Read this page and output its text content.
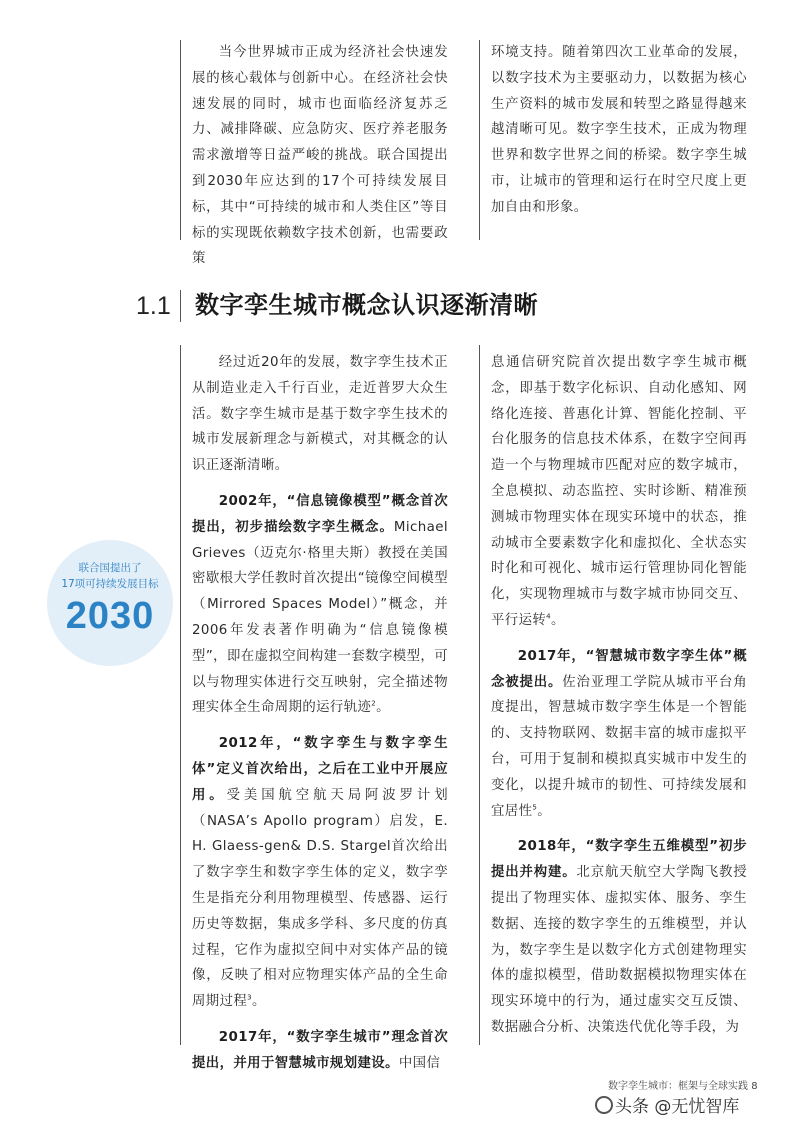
当今世界城市正成为经济社会快速发展的核心载体与创新中心。在经济社会快速发展的同时，城市也面临经济复苏乏力、减排降碳、应急防灾、医疗养老服务需求激增等日益严峻的挑战。联合国提出到2030年应达到的17个可持续发展目标，其中“可持续的城市和人类住区”等目标的实现既依赖数字技术创新，也需要政策

环境支持。随着第四次工业革命的发展，以数字技术为主要驱动力，以数据为核心生产资料的城市发展和转型之路显得越来越清晰可见。数字孪生技术，正成为物理世界和数字世界之间的桥梁。数字孪生城市，让城市的管理和运行在时空尺度上更加自由和形象。

1.1 数字孪生城市概念认识逐渐清晰
联合国提出了
17项可持续发展目标
2030

经过近20年的发展，数字孪生技术正从制造业走入千行百业，走近普罗大众生活。数字孪生城市是基于数字孪生技术的城市发展新理念与新模式，对其概念的认识正逐渐清晰。

2002年，“信息镜像模型”概念首次提出，初步描绘数字孪生概念。Michael Grieves（迈克尔·格里夫斯）教授在美国密歇根大学任教时首次提出“镜像空间模型（Mirrored Spaces Model）”概念，并2006年发表著作明确为“信息镜像模型”，即在虚拟空间构建一套数字模型，可以与物理实体进行交互映射，完全描述物理实体全生命周期的运行轨迹$^2$。

2012年，“数字孪生与数字孪生体”定义首次给出，之后在工业中开展应用。受美国航空航天局阿波罗计划（NASA’s Apollo program）启发，E. H. Glaess-gen& D.S. Stargel首次给出了数字孪生和数字孪生体的定义，数字孪生是指充分利用物理模型、传感器、运行历史等数据，集成多学科、多尺度的仿真过程，它作为虚拟空间中对实体产品的镜像，反映了相对应物理实体产品的全生命周期过程$^3$。

2017年，“数字孪生城市”理念首次提出，并用于智慧城市规划建设。中国信

息通信研究院首次提出数字孪生城市概念，即基于数字化标识、自动化感知、网络化连接、普惠化计算、智能化控制、平台化服务的信息技术体系，在数字空间再造一个与物理城市匹配对应的数字城市，全息模拟、动态监控、实时诊断、精准预测城市物理实体在现实环境中的状态，推动城市全要素数字化和虚拟化、全状态实时化和可视化、城市运行管理协同化智能化，实现物理城市与数字城市协同交互、平行运转$^4$。

2017年，“智慧城市数字孪生体”概念被提出。佐治亚理工学院从城市平台角度提出，智慧城市数字孪生体是一个智能的、支持物联网、数据丰富的城市虚拟平台，可用于复制和模拟真实城市中发生的变化，以提升城市的韧性、可持续发展和宜居性$^5$。

2018年，“数字孪生五维模型”初步提出并构建。北京航天航空大学陶飞教授提出了物理实体、虚拟实体、服务、孪生数据、连接的数字孪生的五维模型，并认为，数字孪生是以数字化方式创建物理实体的虚拟模型，借助数据模拟物理实体在现实环境中的行为，通过虚实交互反馈、数据融合分析、决策迭代优化等手段，为

数字孪生城市：框架与全球实践 8
头条 @无忧智库
